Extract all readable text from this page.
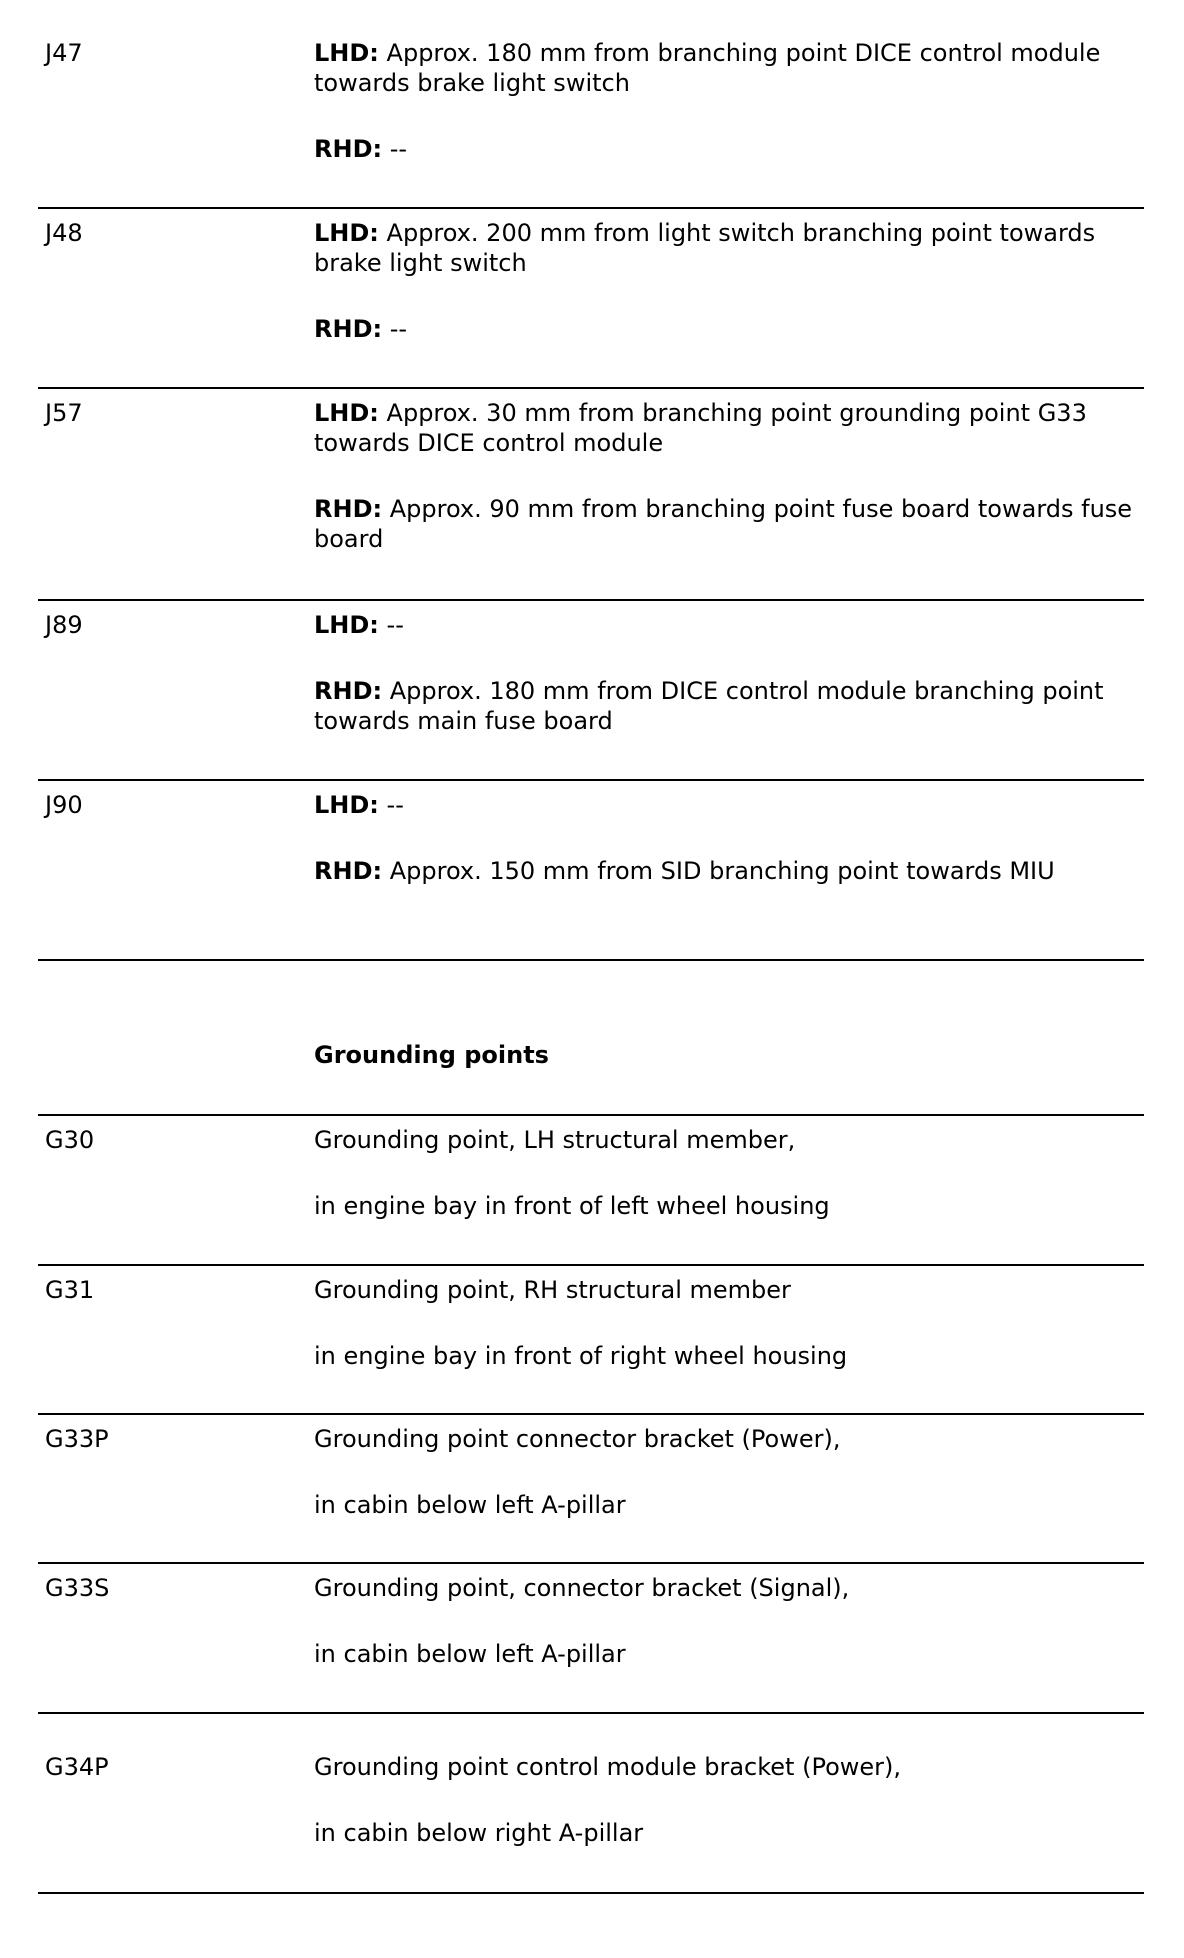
J47	LHD: Approx. 180 mm from branching point DICE control module towards brake light switch

RHD: --

J48	LHD: Approx. 200 mm from light switch branching point towards brake light switch

RHD: --

J57	LHD: Approx. 30 mm from branching point grounding point G33 towards DICE control module

RHD: Approx. 90 mm from branching point fuse board towards fuse board

J89	LHD: --

RHD: Approx. 180 mm from DICE control module branching point towards main fuse board

J90	LHD: --

RHD: Approx. 150 mm from SID branching point towards MIU

Grounding points
G30	Grounding point, LH structural member,

in engine bay in front of left wheel housing

G31	Grounding point, RH structural member

in engine bay in front of right wheel housing

G33P	Grounding point connector bracket (Power),

in cabin below left A-pillar

G33S	Grounding point, connector bracket (Signal),

in cabin below left A-pillar

G34P	Grounding point control module bracket (Power),

in cabin below right A-pillar
